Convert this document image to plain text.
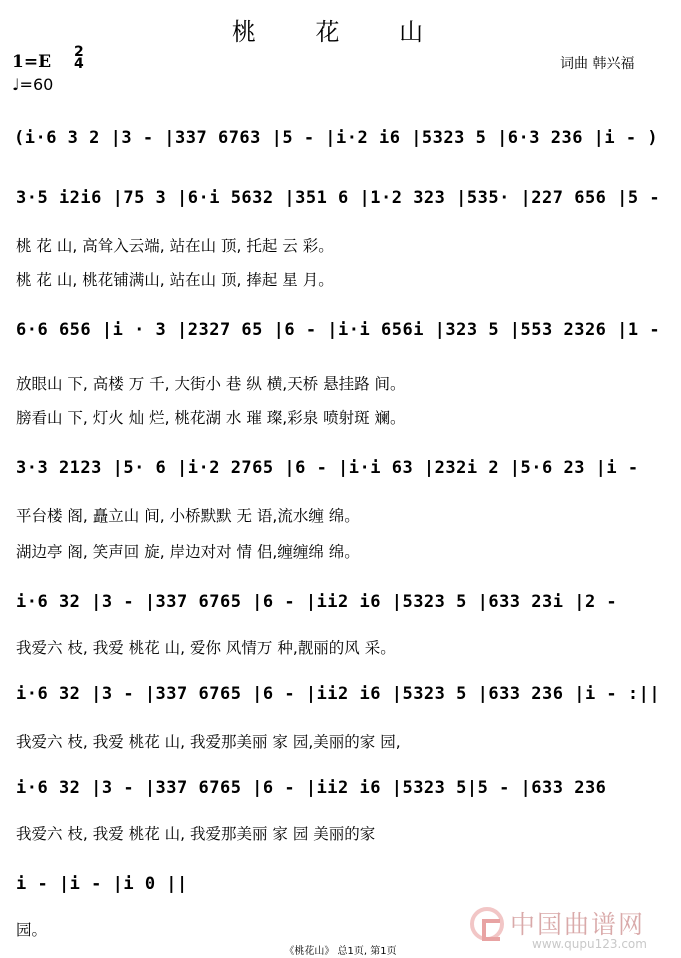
桃 花 山
1=E 2
4
♩=60
词曲 韩兴福
(i·6 3 2 |3 - |337 6763 |5 - |i·2 i6 |5323 5 |6·3 236 |i - )
3·5 i2i6 |75 3 |6·i 5632 |351 6 |1·2 323 |535· |227 656 |5 -
桃 花 山, 高耸入云端, 站在山 顶, 托起 云 彩。
桃 花 山, 桃花铺满山, 站在山 顶, 捧起 星 月。
6·6 656 |i · 3 |2327 65 |6 - |i·i 656i |323 5 |553 2326 |1 -
放眼山 下, 高楼 万 千, 大街小 巷 纵 横,天桥 悬挂路 间。
膀看山 下, 灯火 灿 烂, 桃花湖 水 璀 璨,彩泉 喷射斑 斓。
3·3 2123 |5· 6 |i·2 2765 |6 - |i·i 63 |232i 2 |5·6 23 |i -
平台楼 阁, 矗立山 间, 小桥默默 无 语,流水缠 绵。
湖边亭 阁, 笑声回 旋, 岸边对对 情 侣,缠缠绵 绵。
i·6 32 |3 - |337 6765 |6 - |ii2 i6 |5323 5 |633 23i |2 -
我爱六 枝, 我爱 桃花 山, 爱你 风情万 种,靓丽的风 采。
i·6 32 |3 - |337 6765 |6 - |ii2 i6 |5323 5 |633 236 |i - :||
我爱六 枝, 我爱 桃花 山, 我爱那美丽 家 园,美丽的家 园,
i·6 32 |3 - |337 6765 |6 - |ii2 i6 |5323 5|5 - |633 236
我爱六 枝, 我爱 桃花 山, 我爱那美丽 家 园 美丽的家
i - |i - |i 0 ||
园。	中国曲谱网
www.qupu123.com
《桃花山》 总1页, 第1页
